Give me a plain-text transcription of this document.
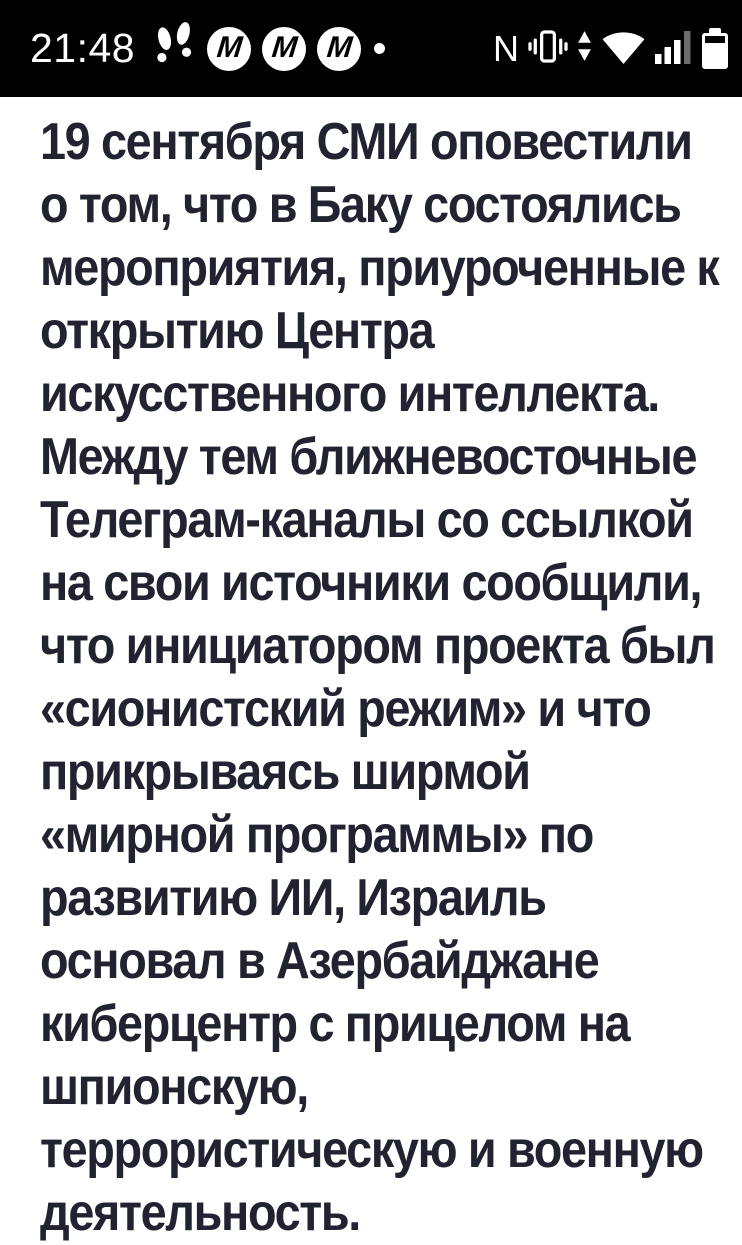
21:48	M M M	N
19 сентября СМИ оповестили
о том, что в Баку состоялись
мероприятия, приуроченные к
открытию Центра
искусственного интеллекта.
Между тем ближневосточные
Телеграм-каналы со ссылкой
на свои источники сообщили,
что инициатором проекта был
«сионистский режим» и что
прикрываясь ширмой
«мирной программы» по
развитию ИИ, Израиль
основал в Азербайджане
киберцентр с прицелом на
шпионскую,
террористическую и военную
деятельность.
